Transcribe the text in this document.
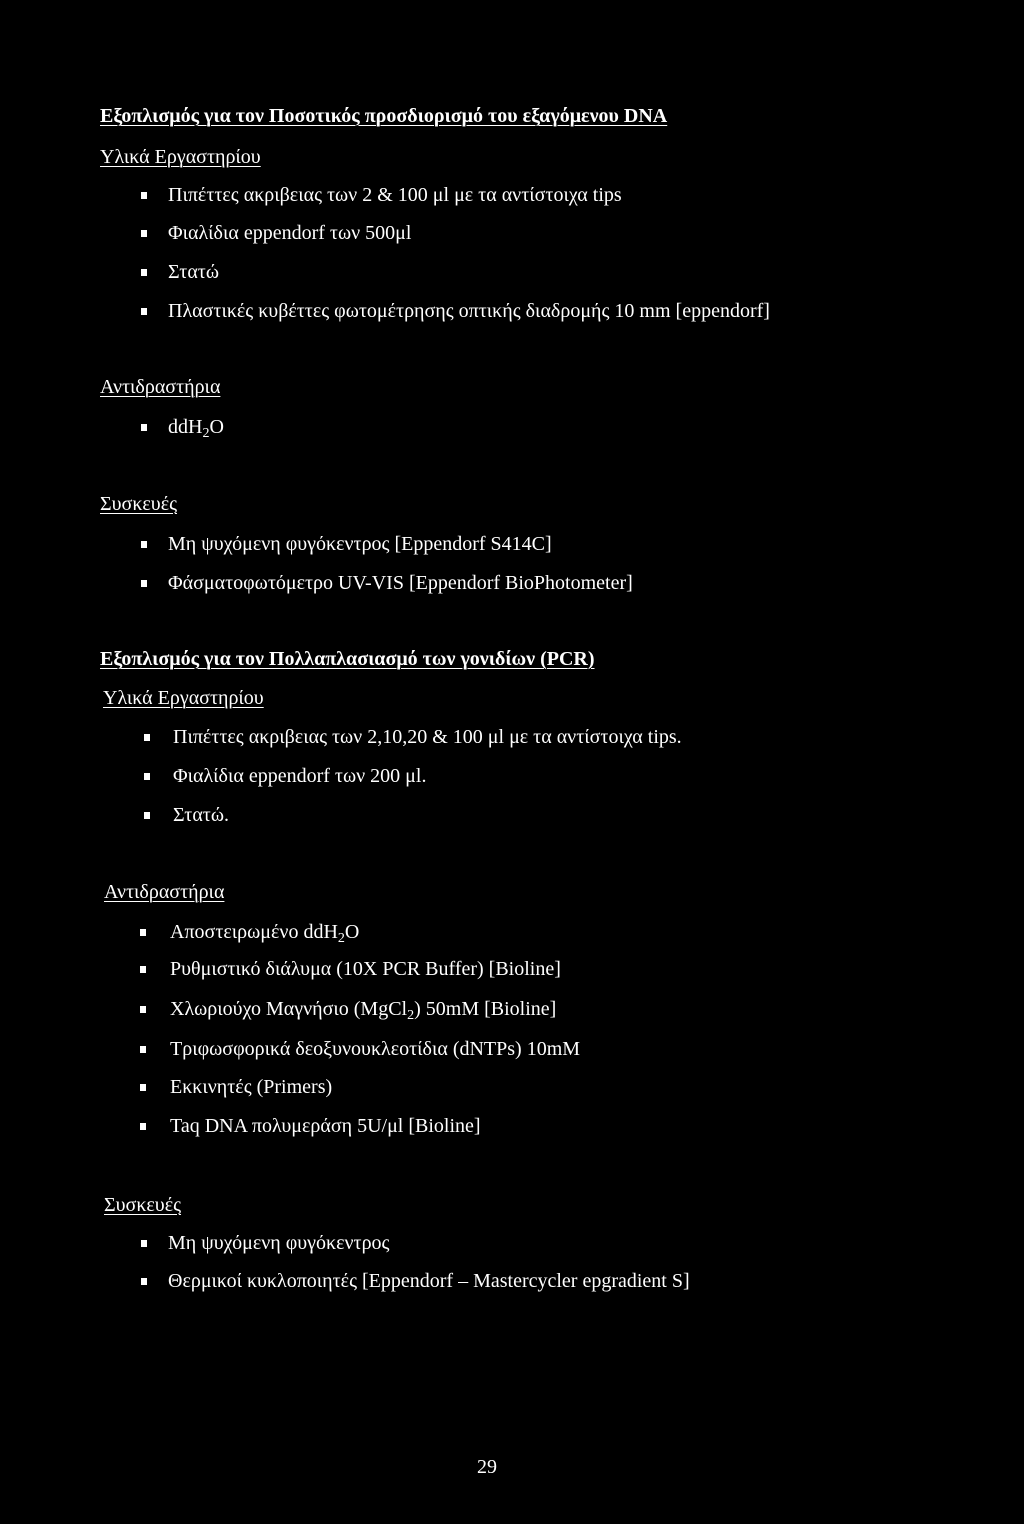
Εξοπλισμός για τον Ποσοτικός προσδιορισμό του εξαγόμενου DNA
Υλικά Εργαστηρίου
Πιπέττες ακριβειας των 2 & 100 μl με τα αντίστοιχα tips
Φιαλίδια eppendorf των 500μl
Στατώ
Πλαστικές κυβέττες φωτομέτρησης οπτικής διαδρομής 10 mm [eppendorf]
Αντιδραστήρια
ddH$_2$O
Συσκευές
Μη ψυχόμενη φυγόκεντρος [Eppendorf S414C]
Φάσματοφωτόμετρο UV-VIS [Eppendorf BioPhotometer]
Εξοπλισμός για τον Πολλαπλασιασμό των γονιδίων (PCR)
Υλικά Εργαστηρίου
Πιπέττες ακριβειας των 2,10,20 & 100 μl με τα αντίστοιχα tips.
Φιαλίδια eppendorf των 200 μl.
Στατώ.
Αντιδραστήρια
Αποστειρωμένο ddH$_2$O
Ρυθμιστικό διάλυμα (10X PCR Buffer) [Bioline]
Χλωριούχο Μαγνήσιο (MgCl$_2$) 50mM [Bioline]
Τριφωσφορικά δεοξυνουκλεοτίδια (dNTPs) 10mM
Εκκινητές (Primers)
Taq DNA πολυμεράση 5U/μl [Bioline]
Συσκευές
Μη ψυχόμενη φυγόκεντρος
Θερμικοί κυκλοποιητές [Eppendorf – Mastercycler epgradient S]
29
